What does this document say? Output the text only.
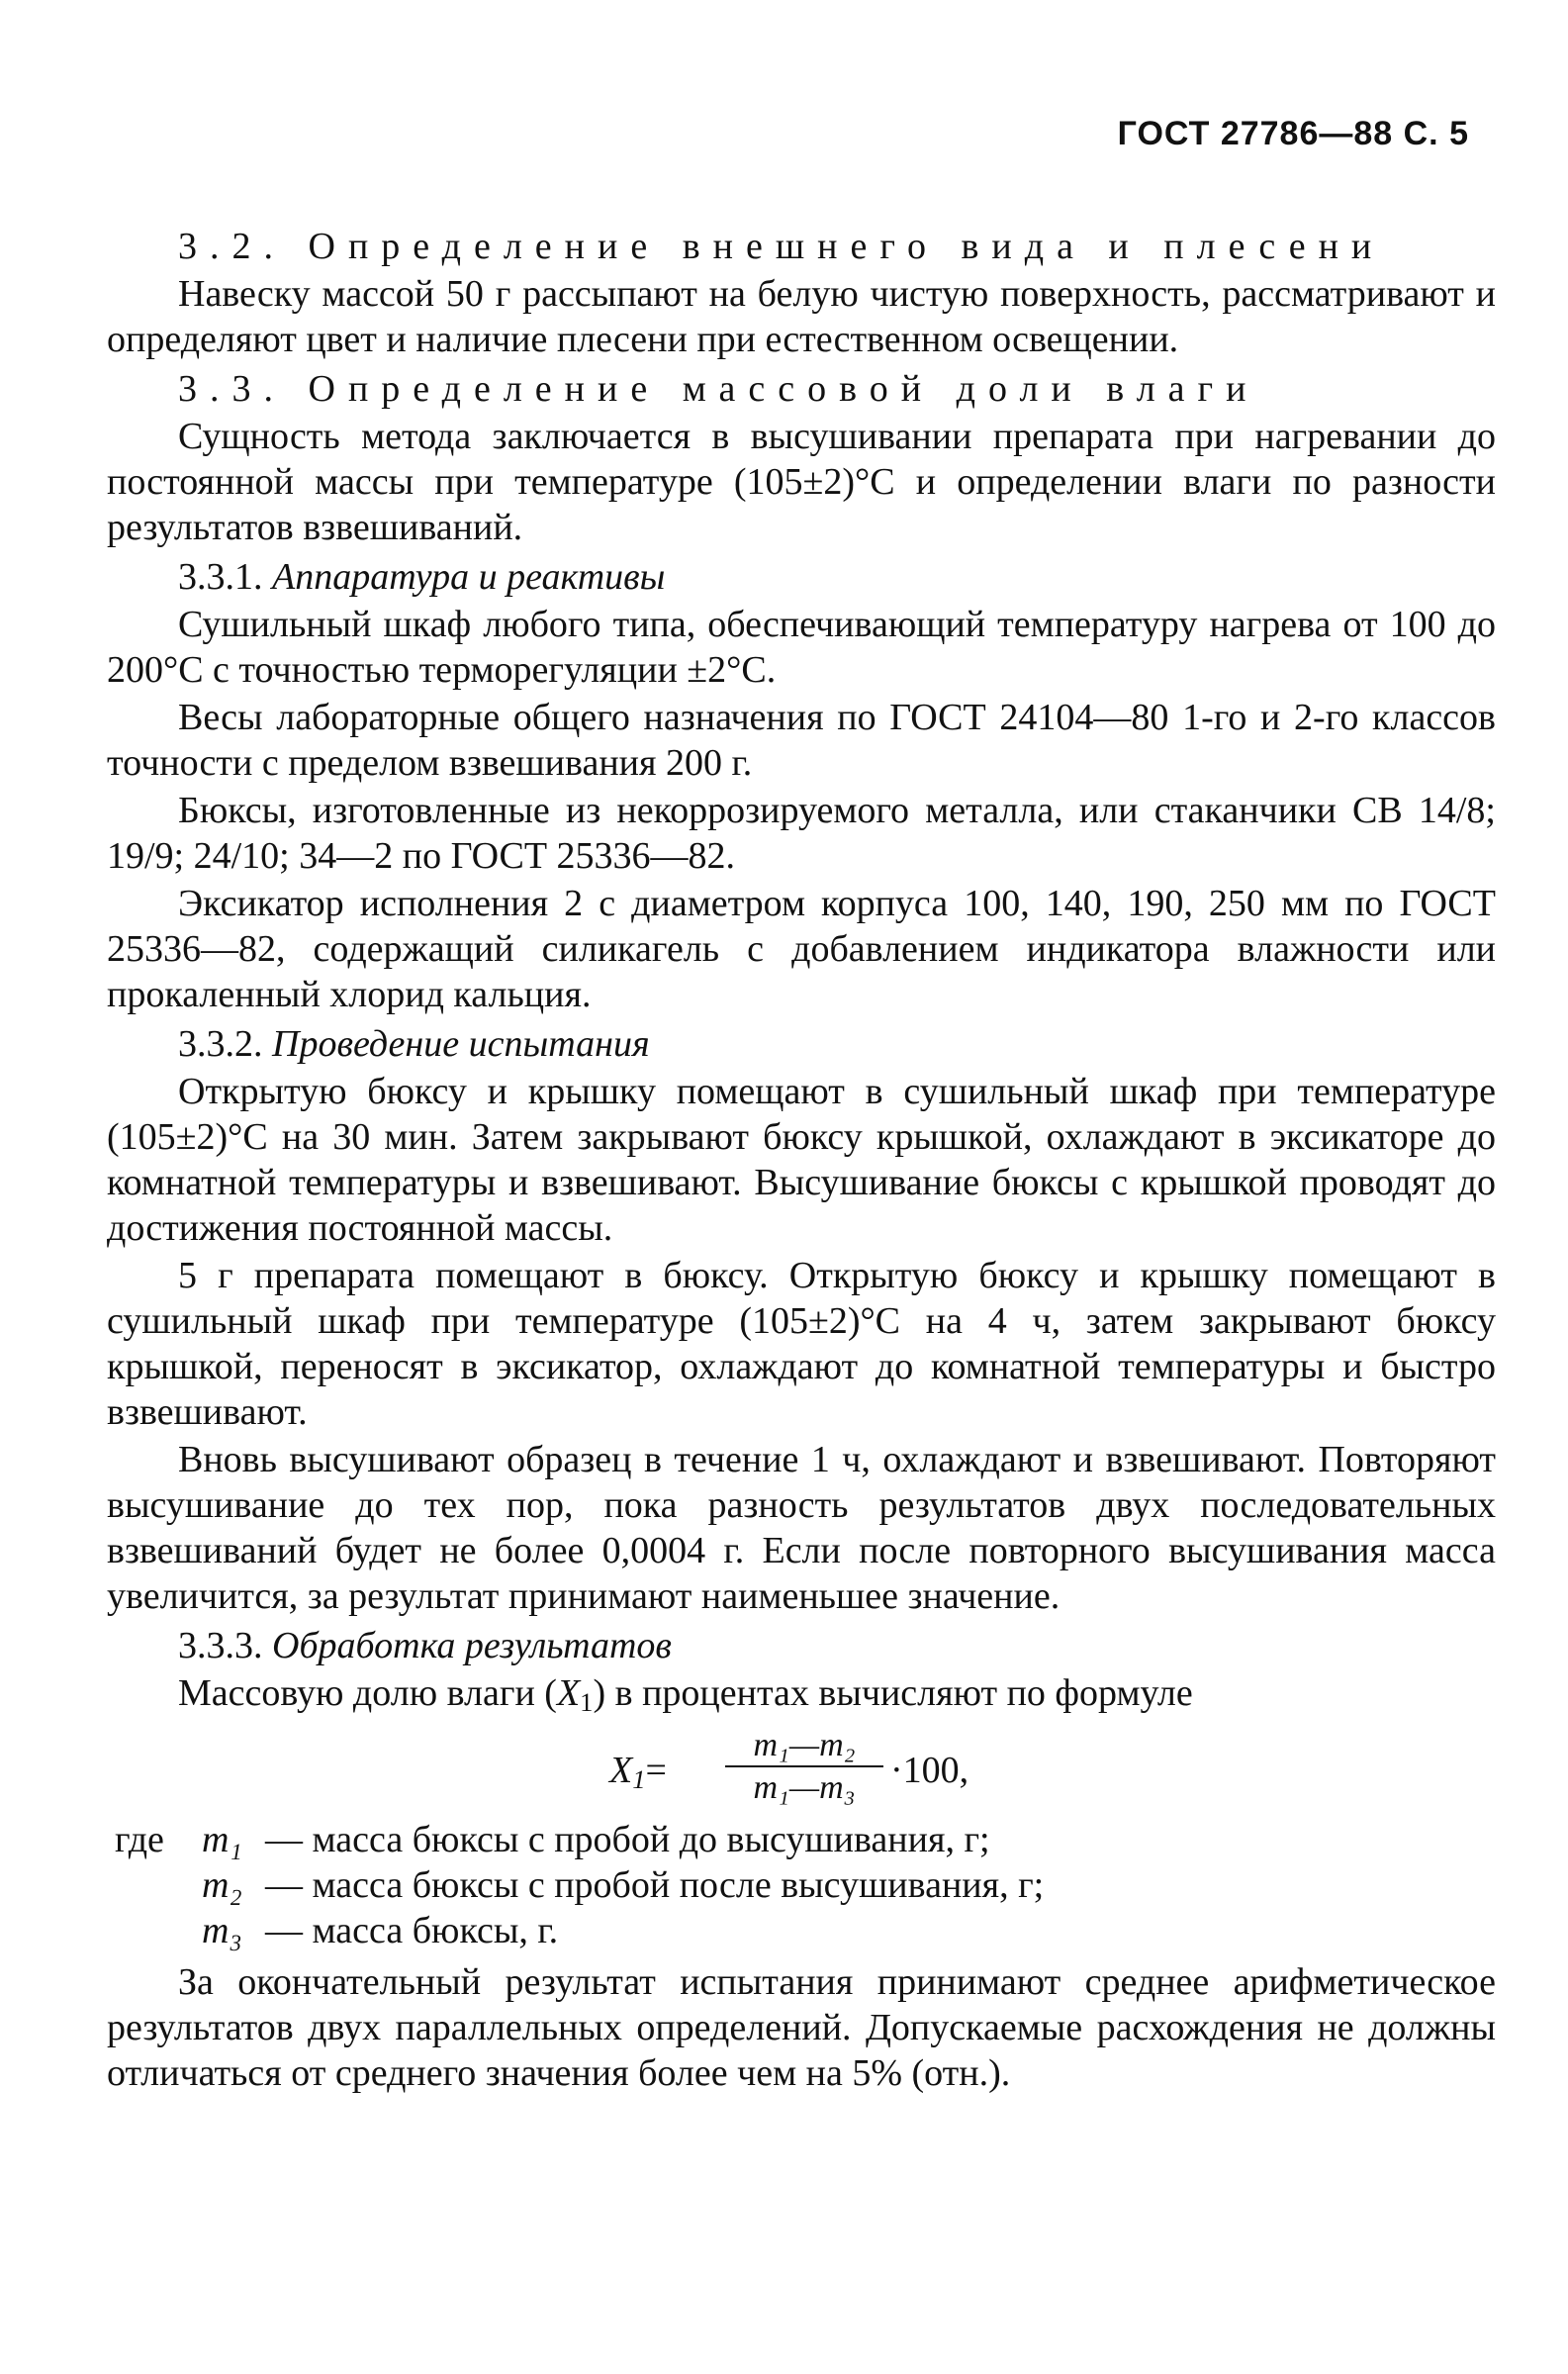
ГОСТ 27786—88 С. 5

3.2. Определение внешнего вида и плесени

Навеску массой 50 г рассыпают на белую чистую поверхность, рассматривают и определяют цвет и наличие плесени при естественном освещении.

3.3. Определение массовой доли влаги

Сущность метода заключается в высушивании препарата при нагревании до постоянной массы при температуре (105±2)°С и определении влаги по разности результатов взвешиваний.

3.3.1. Аппаратура и реактивы

Сушильный шкаф любого типа, обеспечивающий температуру нагрева от 100 до 200°С с точностью терморегуляции ±2°С.

Весы лабораторные общего назначения по ГОСТ 24104—80 1-го и 2-го классов точности с пределом взвешивания 200 г.

Бюксы, изготовленные из некоррозируемого металла, или стаканчики СВ 14/8; 19/9; 24/10; 34—2 по ГОСТ 25336—82.

Эксикатор исполнения 2 с диаметром корпуса 100, 140, 190, 250 мм по ГОСТ 25336—82, содержащий силикагель с добавлением индикатора влажности или прокаленный хлорид кальция.

3.3.2. Проведение испытания

Открытую бюксу и крышку помещают в сушильный шкаф при температуре (105±2)°С на 30 мин. Затем закрывают бюксу крышкой, охлаждают в эксикаторе до комнатной температуры и взвешивают. Высушивание бюксы с крышкой проводят до достижения постоянной массы.

5 г препарата помещают в бюксу. Открытую бюксу и крышку помещают в сушильный шкаф при температуре (105±2)°С на 4 ч, затем закрывают бюксу крышкой, переносят в эксикатор, охлаждают до комнатной температуры и быстро взвешивают.

Вновь высушивают образец в течение 1 ч, охлаждают и взвешивают. Повторяют высушивание до тех пор, пока разность результатов двух последовательных взвешиваний будет не более 0,0004 г. Если после повторного высушивания масса увеличится, за результат принимают наименьшее значение.

3.3.3. Обработка результатов

Массовую долю влаги $(X_1)$ в процентах вычисляют по формуле

$X_1= \frac{\text{m₁—m₂}}{\text{m₁—m₃}} \cdot 100$,
где m₁ — масса бюксы с пробой до высушивания, г;
m₂ — масса бюксы с пробой после высушивания, г;
m₃ — масса бюксы, г.

За окончательный результат испытания принимают среднее арифметическое результатов двух параллельных определений. Допускаемые расхождения не должны отличаться от среднего значения более чем на 5% (отн.).
